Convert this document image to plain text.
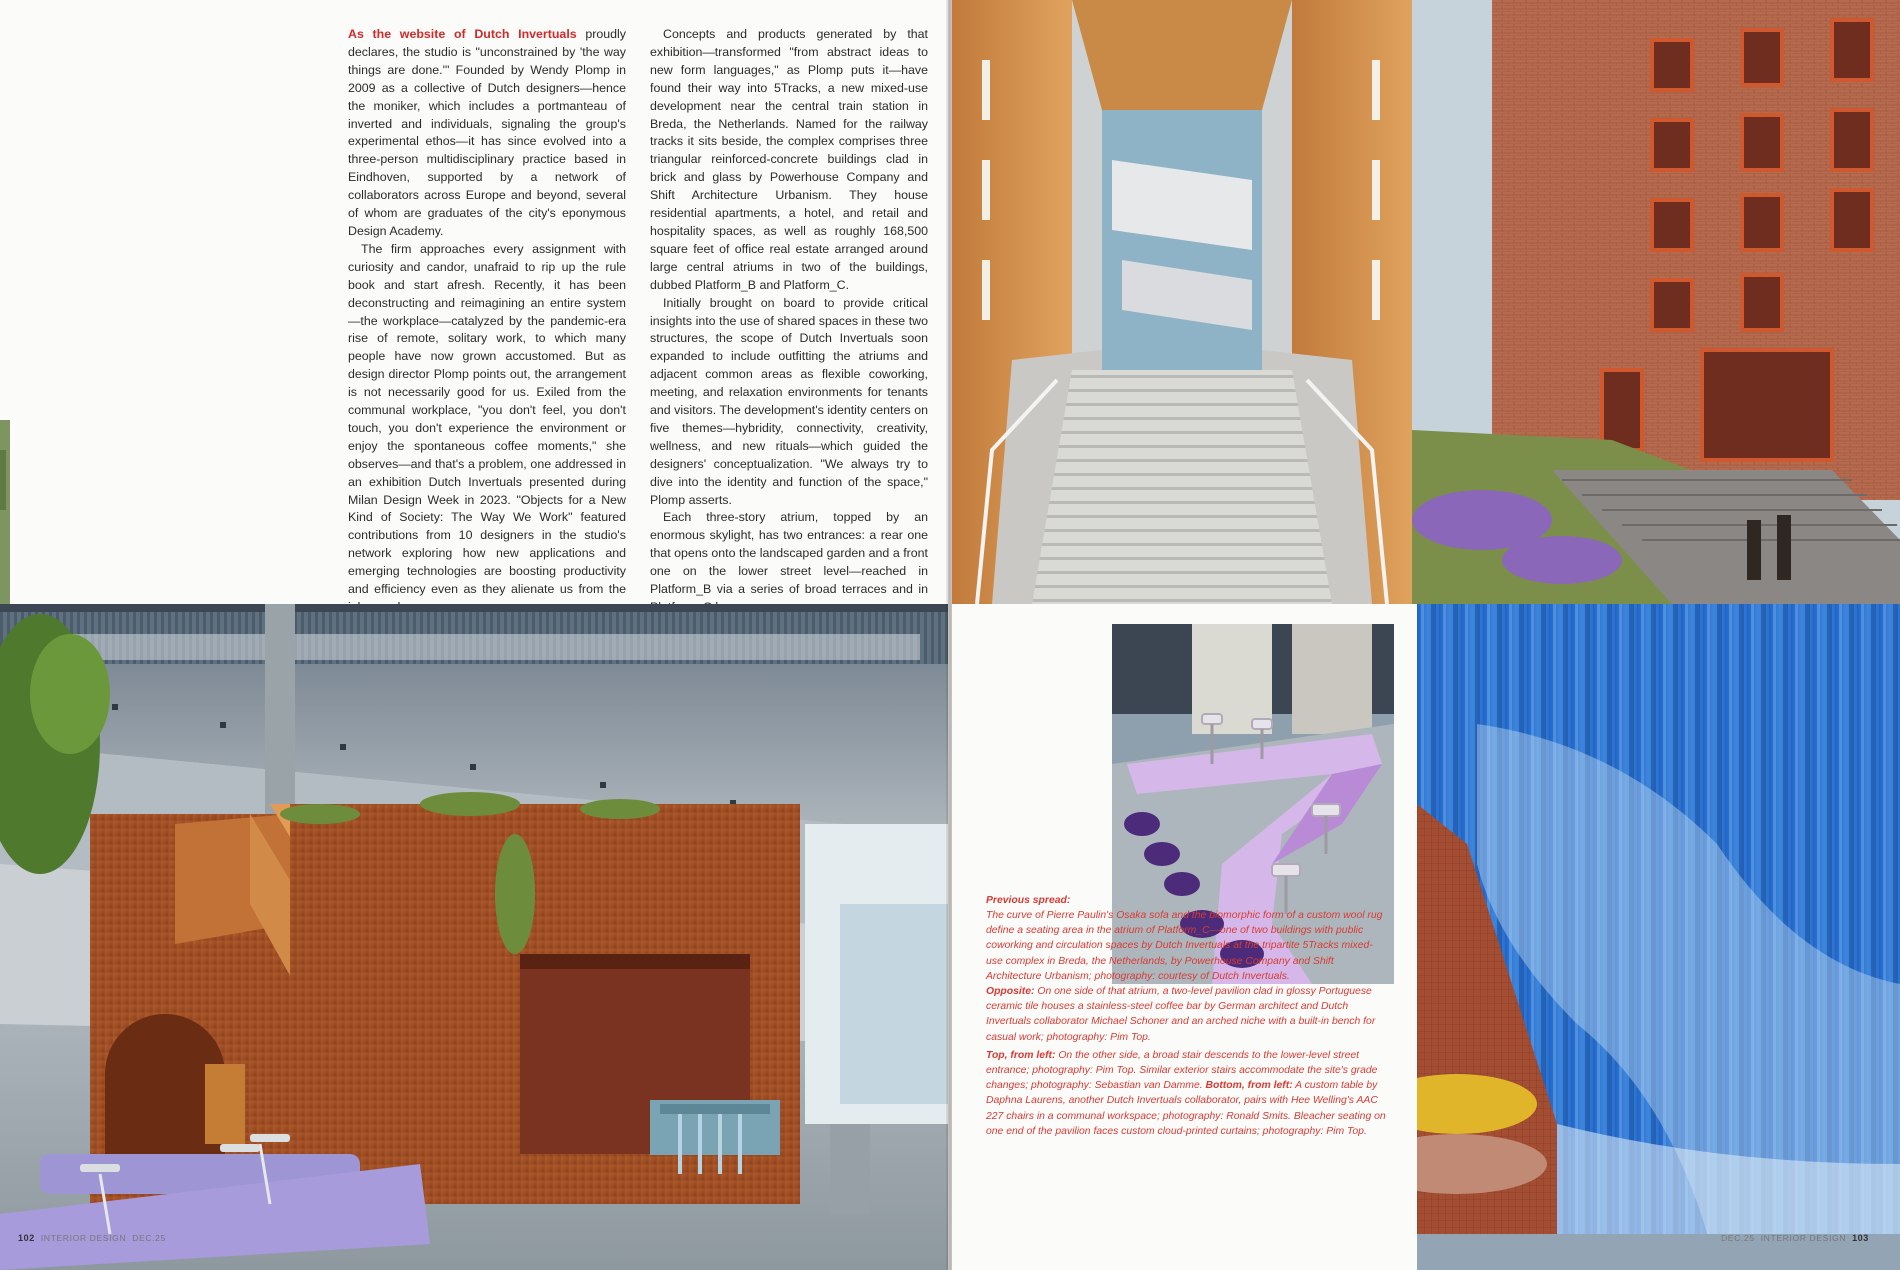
As the website of Dutch Invertuals proudly declares, the studio is "unconstrained by 'the way things are done.'" Founded by Wendy Plomp in 2009 as a collective of Dutch designers—hence the moniker, which includes a portmanteau of inverted and individuals, signaling the group's experimental ethos—it has since evolved into a three-person multidisciplinary practice based in Eindhoven, supported by a network of collaborators across Europe and beyond, several of whom are graduates of the city's eponymous Design Academy.

The firm approaches every assignment with curiosity and candor, unafraid to rip up the rule book and start afresh. Recently, it has been deconstructing and reimagining an entire system—the workplace—catalyzed by the pandemic-era rise of remote, solitary work, to which many people have now grown accustomed. But as design director Plomp points out, the arrangement is not necessarily good for us. Exiled from the communal workplace, "you don't feel, you don't touch, you don't experience the environment or enjoy the spontaneous coffee moments," she observes—and that's a problem, one addressed in an exhibition Dutch Invertuals presented during Milan Design Week in 2023. "Objects for a New Kind of Society: The Way We Work" featured contributions from 10 designers in the studio's network exploring how new applications and emerging technologies are boosting productivity and efficiency even as they alienate us from the

Concepts and products generated by that exhibition—transformed "from abstract ideas to new form languages," as Plomp puts it—have found their way into 5Tracks, a new mixed-use development near the central train station in Breda, the Netherlands. Named for the railway tracks it sits beside, the complex comprises three triangular reinforced-concrete buildings clad in brick and glass by Powerhouse Company and Shift Architecture Urbanism. They house residential apartments, a hotel, and retail and hospitality spaces, as well as roughly 168,500 square feet of office real estate arranged around large central atriums in two of the buildings, dubbed Platform_B and Platform_C.

Initially brought on board to provide critical insights into the use of shared spaces in these two structures, the scope of Dutch Invertuals soon expanded to include outfitting the atriums and adjacent common areas as flexible coworking, meeting, and relaxation environments for tenants and visitors. The development's identity centers on five themes—hybridity, connectivity, creativity, wellness, and new rituals—which guided the designers' conceptualization. "We always try to dive into the identity and function of the space," Plomp asserts.

Each three-story atrium, topped by an enormous skylight, has two entrances: a rear one that opens onto the landscaped garden and a front one on the lower street level—reached in Platform_B via a series of broad terraces and in

102 INTERIOR DESIGN DEC.25
Previous spread:

The curve of Pierre Paulin's Osaka sofa and the biomorphic form of a custom wool rug define a seating area in the atrium of Platform_C—one of two buildings with public coworking and circulation spaces by Dutch Invertuals at the tripartite 5Tracks mixed-use complex in Breda, the Netherlands, by Powerhouse Company and Shift Architecture Urbanism; photography: courtesy of Dutch Invertuals.

Opposite: On one side of that atrium, a two-level pavilion clad in glossy Portuguese ceramic tile houses a stainless-steel coffee bar by German architect and Dutch Invertuals collaborator Michael Schoner and an arched niche with a built-in bench for casual work; photography: Pim Top.

Top, from left: On the other side, a broad stair descends to the lower-level street entrance; photography: Pim Top. Similar exterior stairs accommodate the site's grade changes; photography: Sebastian van Damme. Bottom, from left: A custom table by Daphna Laurens, another Dutch Invertuals collaborator, pairs with Hee Welling's AAC 227 chairs in a communal workspace; photography: Ronald Smits. Bleacher seating on one end of the pavilion faces custom cloud-printed curtains; photography: Pim Top.

DEC.25 INTERIOR DESIGN 103
